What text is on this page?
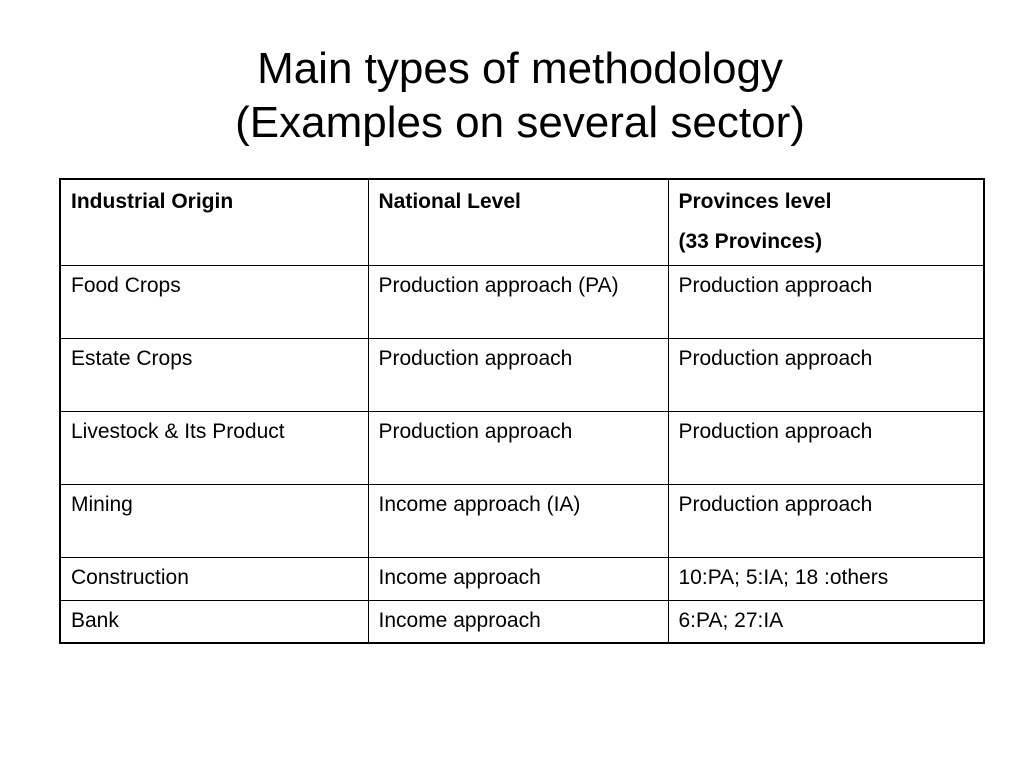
Main types of methodology
(Examples on several sector)
Industrial Origin	National Level	Provinces level
(33 Provinces)

Food Crops	Production approach (PA)	Production approach
Estate Crops	Production approach	Production approach
Livestock & Its Product	Production approach	Production approach
Mining	Income approach (IA)	Production approach
Construction	Income approach	10:PA; 5:IA; 18 :others
Bank	Income approach	6:PA; 27:IA
